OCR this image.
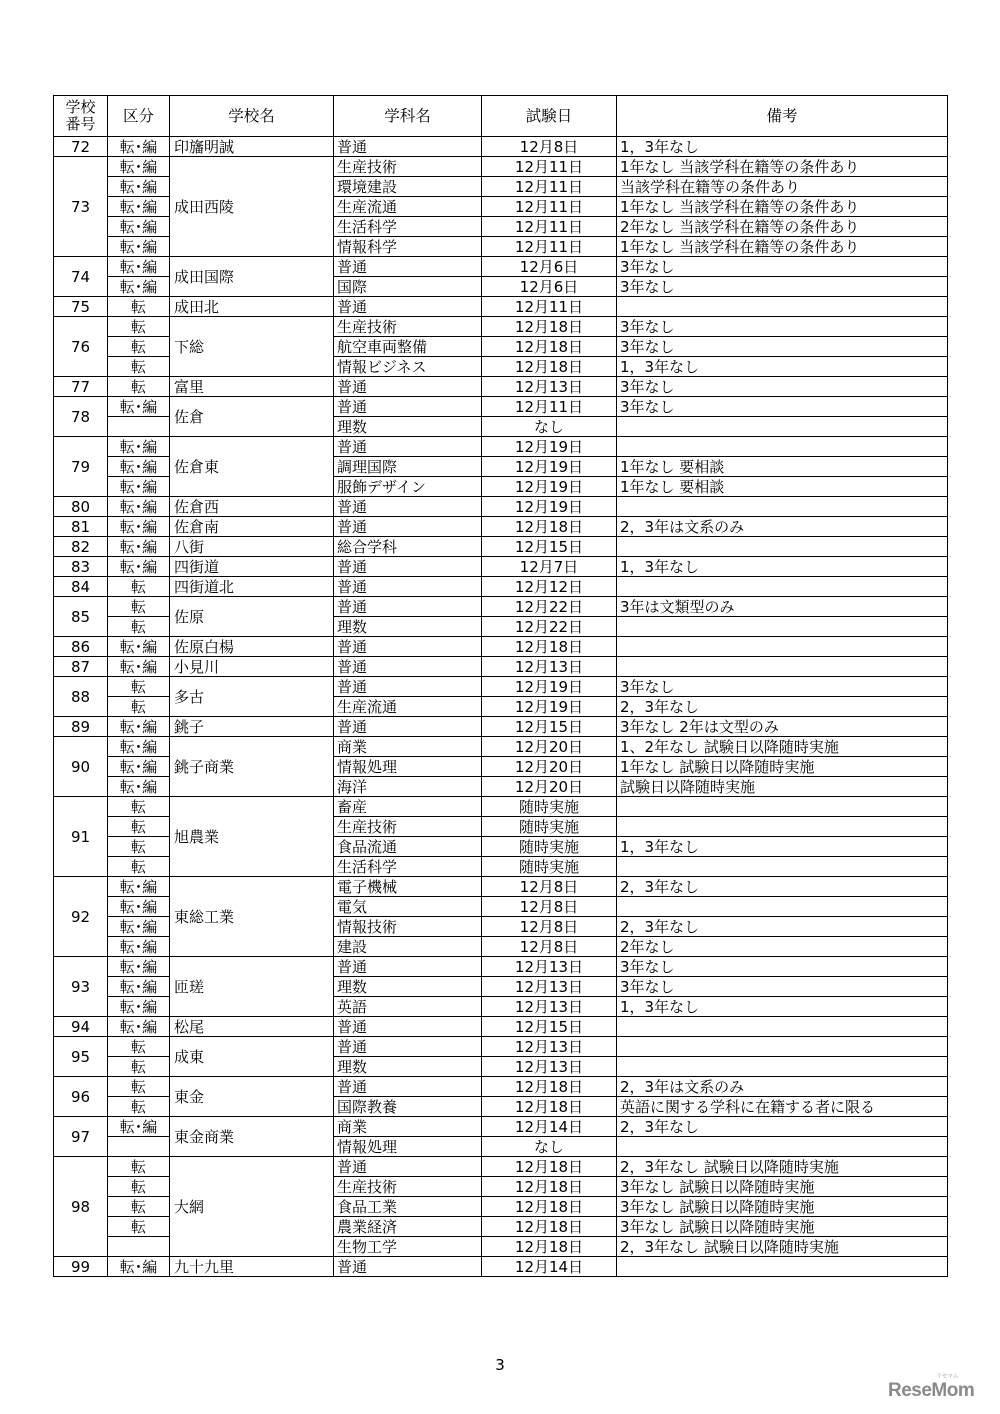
学校
番号	区分	学校名	学科名	試験日	備考
72	転･編	印旛明誠	普通	12月8日	1，3年なし
73	転･編	成田西陵	生産技術	12月11日	1年なし 当該学科在籍等の条件あり
	転･編		環境建設	12月11日	当該学科在籍等の条件あり
	転･編		生産流通	12月11日	1年なし 当該学科在籍等の条件あり
	転･編		生活科学	12月11日	2年なし 当該学科在籍等の条件あり
	転･編		情報科学	12月11日	1年なし 当該学科在籍等の条件あり
74	転･編	成田国際	普通	12月6日	3年なし
	転･編		国際	12月6日	3年なし
75	転	成田北	普通	12月11日	
76	転	下総	生産技術	12月18日	3年なし
	転		航空車両整備	12月18日	3年なし
	転		情報ビジネス	12月18日	1，3年なし
77	転	富里	普通	12月13日	3年なし
78	転･編	佐倉	普通	12月11日	3年なし
			理数	なし	
79	転･編	佐倉東	普通	12月19日	
	転･編		調理国際	12月19日	1年なし 要相談
	転･編		服飾デザイン	12月19日	1年なし 要相談
80	転･編	佐倉西	普通	12月19日	
81	転･編	佐倉南	普通	12月18日	2，3年は文系のみ
82	転･編	八街	総合学科	12月15日	
83	転･編	四街道	普通	12月7日	1，3年なし
84	転	四街道北	普通	12月12日	
85	転	佐原	普通	12月22日	3年は文類型のみ
	転		理数	12月22日	
86	転･編	佐原白楊	普通	12月18日	
87	転･編	小見川	普通	12月13日	
88	転	多古	普通	12月19日	3年なし
	転		生産流通	12月19日	2，3年なし
89	転･編	銚子	普通	12月15日	3年なし 2年は文型のみ
90	転･編	銚子商業	商業	12月20日	1、2年なし 試験日以降随時実施
	転･編		情報処理	12月20日	1年なし 試験日以降随時実施
	転･編		海洋	12月20日	試験日以降随時実施
91	転	旭農業	畜産	随時実施	
	転		生産技術	随時実施	
	転		食品流通	随時実施	1，3年なし
	転		生活科学	随時実施	
92	転･編	東総工業	電子機械	12月8日	2，3年なし
	転･編		電気	12月8日	
	転･編		情報技術	12月8日	2，3年なし
	転･編		建設	12月8日	2年なし
93	転･編	匝瑳	普通	12月13日	3年なし
	転･編		理数	12月13日	3年なし
	転･編		英語	12月13日	1，3年なし
94	転･編	松尾	普通	12月15日	
95	転	成東	普通	12月13日	
	転		理数	12月13日	
96	転	東金	普通	12月18日	2，3年は文系のみ
	転		国際教養	12月18日	英語に関する学科に在籍する者に限る
97	転･編	東金商業	商業	12月14日	2，3年なし
			情報処理	なし	
98	転	大網	普通	12月18日	2，3年なし 試験日以降随時実施
	転		生産技術	12月18日	3年なし 試験日以降随時実施
	転		食品工業	12月18日	3年なし 試験日以降随時実施
	転		農業経済	12月18日	3年なし 試験日以降随時実施
			生物工学	12月18日	2，3年なし 試験日以降随時実施
99	転･編	九十九里	普通	12月14日	
3
ReseMom
リセマム
